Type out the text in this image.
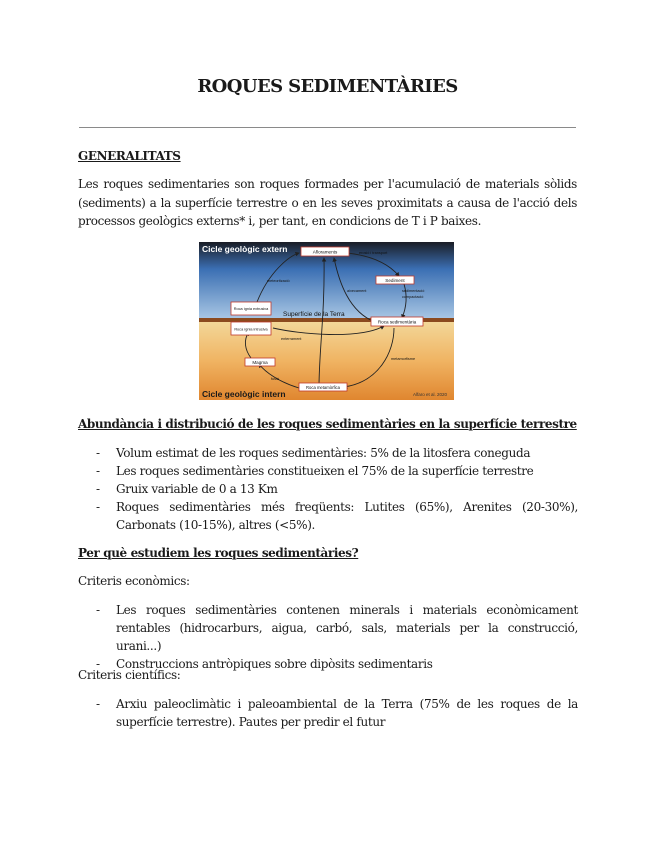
ROQUES SEDIMENTÀRIES

GENERALITATS

Les roques sedimentaries son roques formades per l'acumulació de materials sòlids (sediments) a la superfície terrestre o en les seves proximitats a causa de l'acció dels processos geològics externs* i, per tant, en condicions de T i P baixes.

Cicle geològic extern
Cicle geològic intern
Superfície de la Terra
Alfaro et al. 2020
Afloraments
Sediment
Roca sedimentària
Roca ígnia extrusiva
Roca ígnia intrusiva
Magma
Roca metamòrfica
meteorització
erosió i transport
sedimentació
compactació
enterrament
metamorfisme
fusió
aixecament

Abundància i distribució de les roques sedimentàries en la superfície terrestre

- Volum estimat de les roques sedimentàries: 5% de la litosfera coneguda
- Les roques sedimentàries constitueixen el 75% de la superfície terrestre
- Gruix variable de 0 a 13 Km
- Roques sedimentàries més freqüents: Lutites (65%), Arenites (20-30%), Carbonats (10-15%), altres (<5%).

Per què estudiem les roques sedimentàries?

Criteris econòmics:

- Les roques sedimentàries contenen minerals i materials econòmicament rentables (hidrocarburs, aigua, carbó, sals, materials per la construcció, urani...)
- Construccions antròpiques sobre dipòsits sedimentaris

Criteris científics:

- Arxiu paleoclimàtic i paleoambiental de la Terra (75% de les roques de la superfície terrestre). Pautes per predir el futur
